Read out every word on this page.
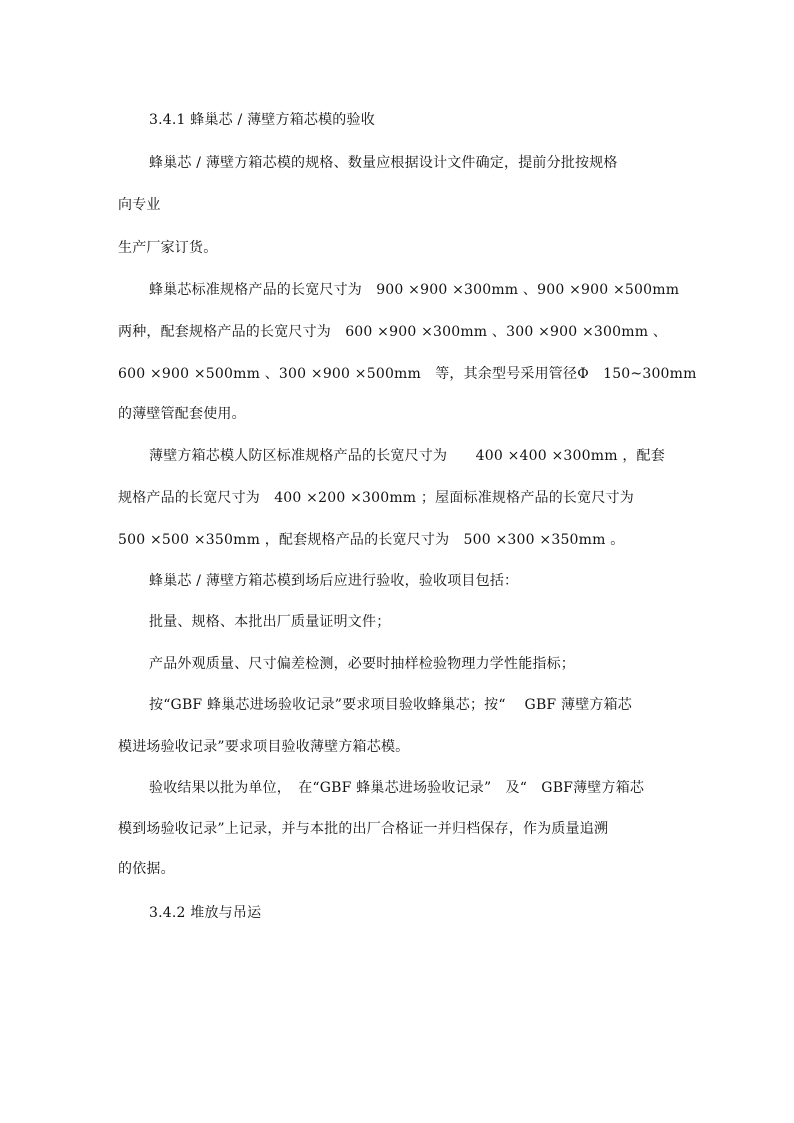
3.4.1 蜂巢芯 / 薄壁方箱芯模的验收
蜂巢芯 / 薄壁方箱芯模的规格、数量应根据设计文件确定，提前分批按规格
向专业
生产厂家订货。
蜂巢芯标准规格产品的长宽尺寸为　900 ×900 ×300mm 、900 ×900 ×500mm
两种，配套规格产品的长宽尺寸为　600 ×900 ×300mm 、300 ×900 ×300mm 、
600 ×900 ×500mm 、300 ×900 ×500mm　等，其余型号采用管径Φ　150~300mm
的薄壁管配套使用。
薄壁方箱芯模人防区标准规格产品的长宽尺寸为　　400 ×400 ×300mm ，配套
规格产品的长宽尺寸为　400 ×200 ×300mm ；屋面标准规格产品的长宽尺寸为
500 ×500 ×350mm ，配套规格产品的长宽尺寸为　500 ×300 ×350mm 。
蜂巢芯 / 薄壁方箱芯模到场后应进行验收，验收项目包括：
批量、规格、本批出厂质量证明文件；
产品外观质量、尺寸偏差检测，必要时抽样检验物理力学性能指标；
按“GBF 蜂巢芯进场验收记录”要求项目验收蜂巢芯；按“　 GBF 薄壁方箱芯
模进场验收记录”要求项目验收薄壁方箱芯模。
验收结果以批为单位，　在“GBF 蜂巢芯进场验收记录”　及“　GBF薄壁方箱芯
模到场验收记录”上记录，并与本批的出厂合格证一并归档保存，作为质量追溯
的依据。
3.4.2 堆放与吊运
